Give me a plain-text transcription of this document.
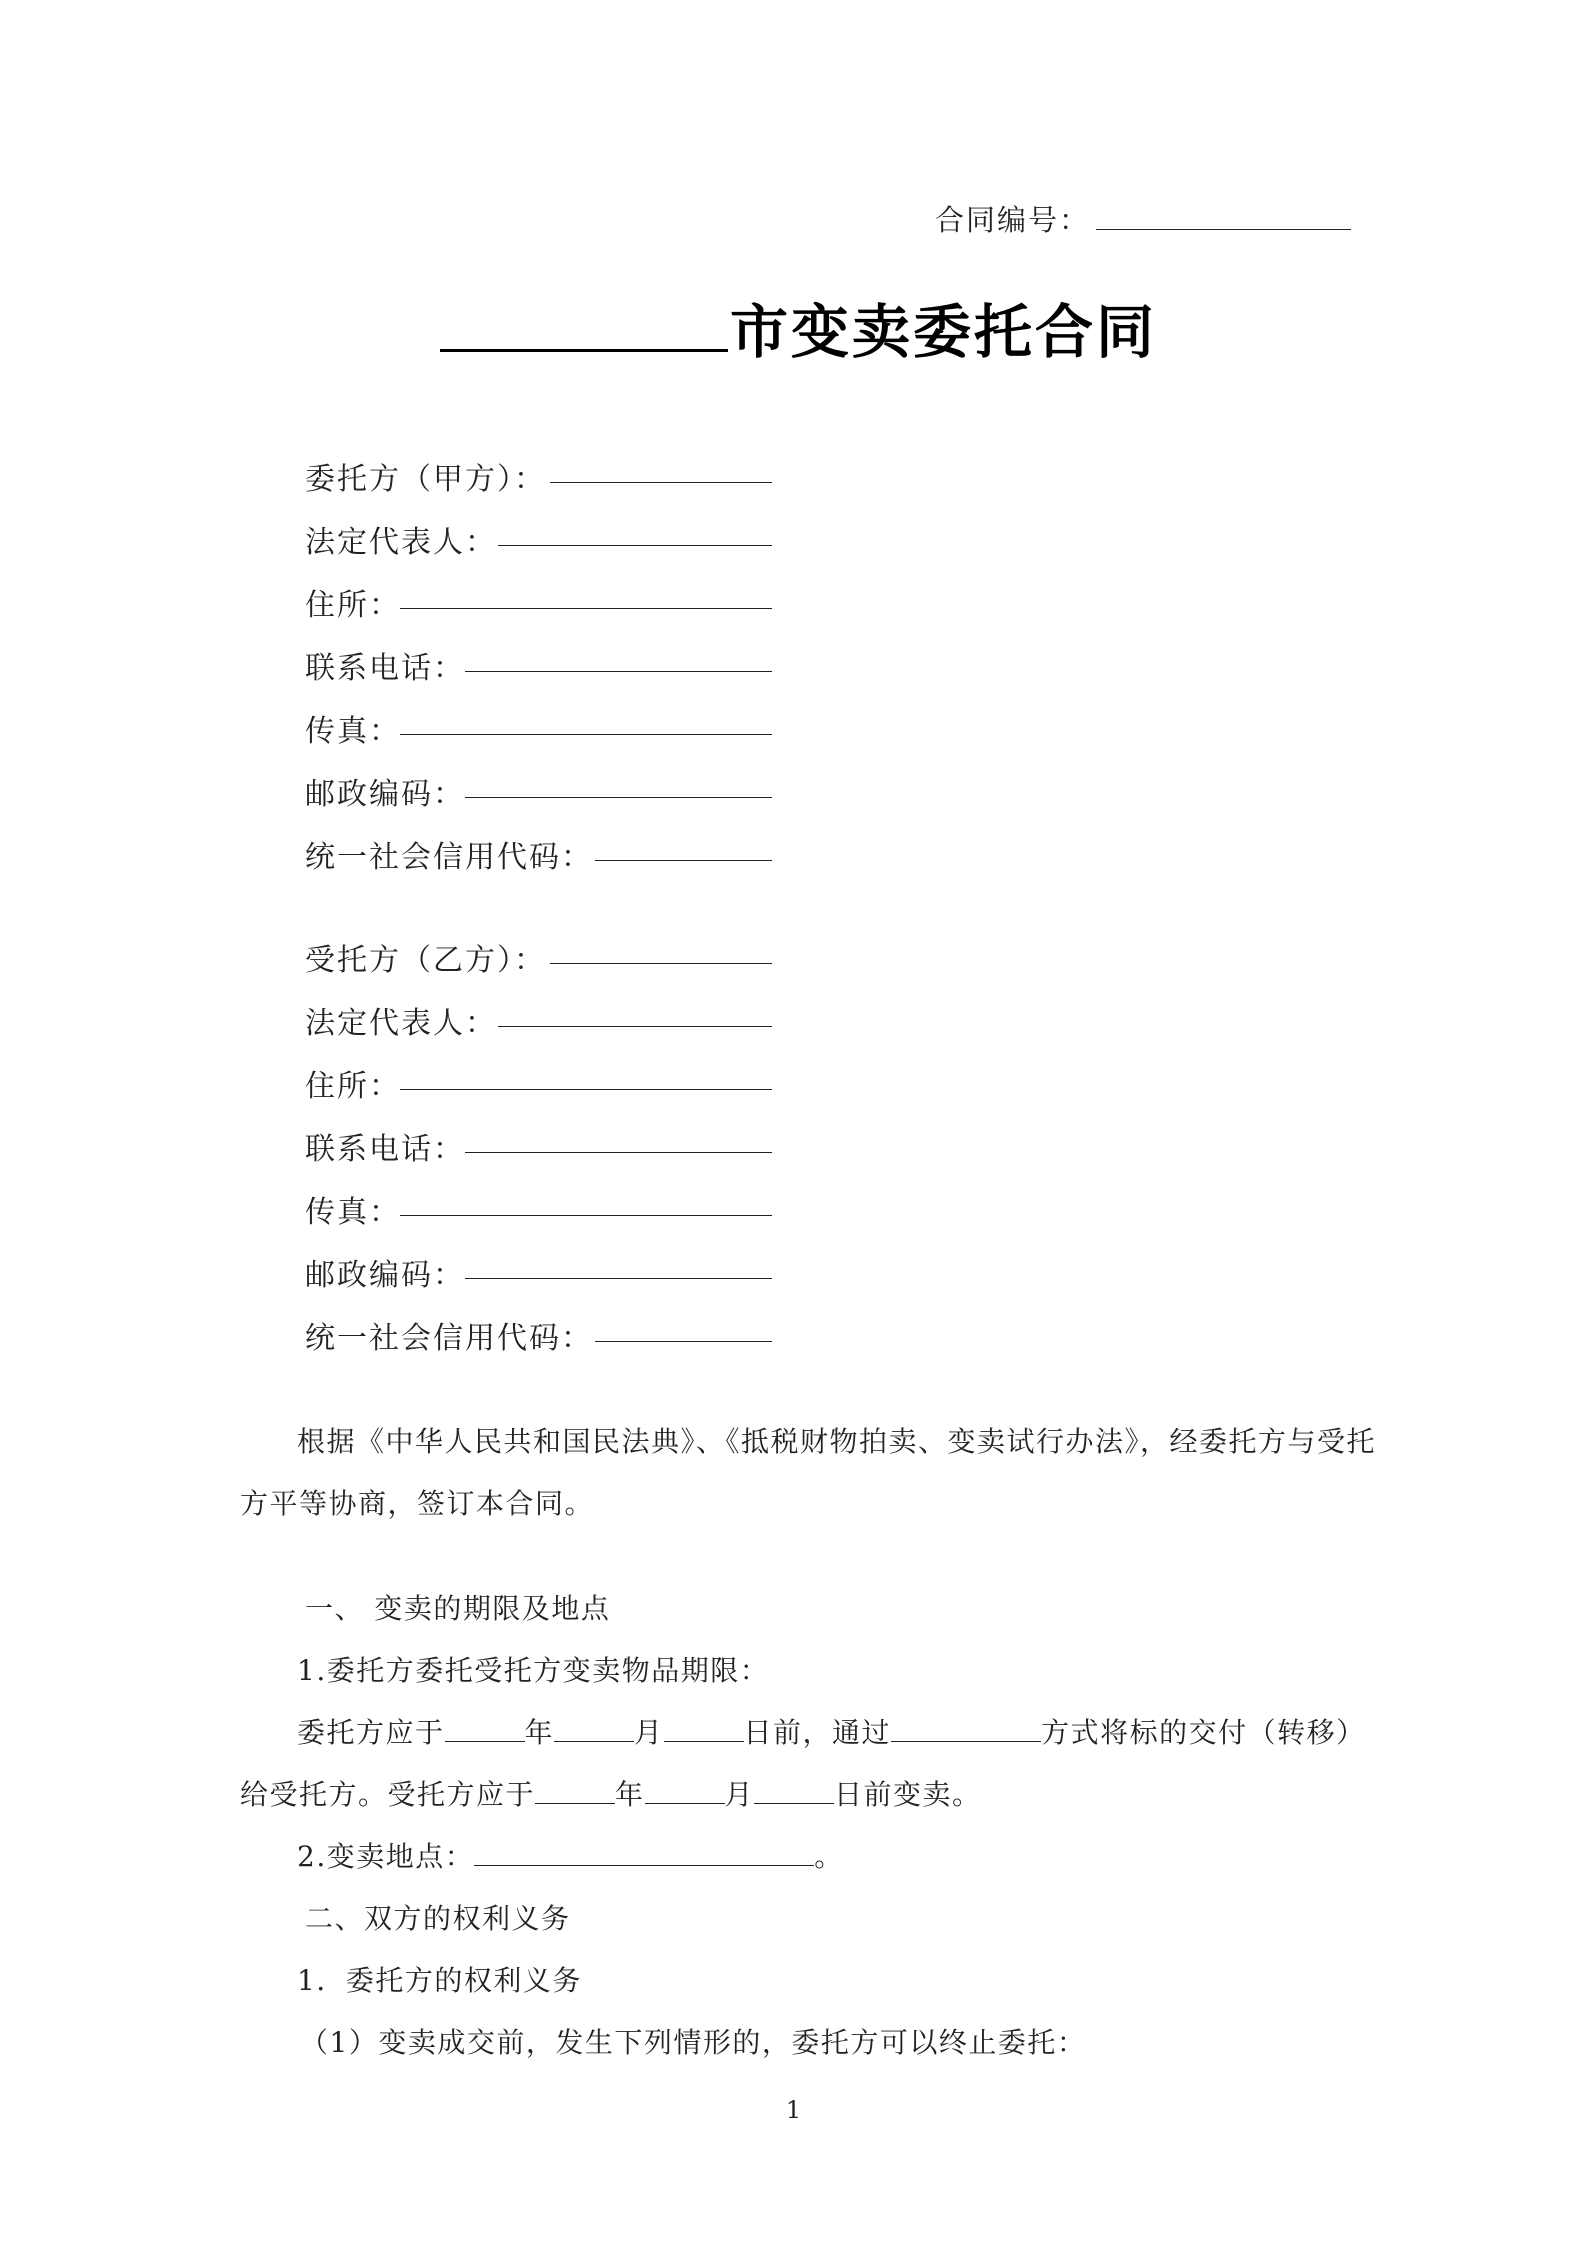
合同编号：
市变卖委托合同
委托方（甲方）：
法定代表人：
住所：
联系电话：
传真：
邮政编码：
统一社会信用代码：
受托方（乙方）：
法定代表人：
住所：
联系电话：
传真：
邮政编码：
统一社会信用代码：
根据《中华人民共和国民法典》、《抵税财物拍卖、变卖试行办法》，经委托方与受托
方平等协商，签订本合同。
一、 变卖的期限及地点
1.委托方委托受托方变卖物品期限：
委托方应于	年	月	日前，通过	方式将标的交付（转移）
给受托方。受托方应于	年	月	日前变卖。
2.变卖地点：	。
二、双方的权利义务
1．委托方的权利义务
（1）变卖成交前，发生下列情形的，委托方可以终止委托：
1
